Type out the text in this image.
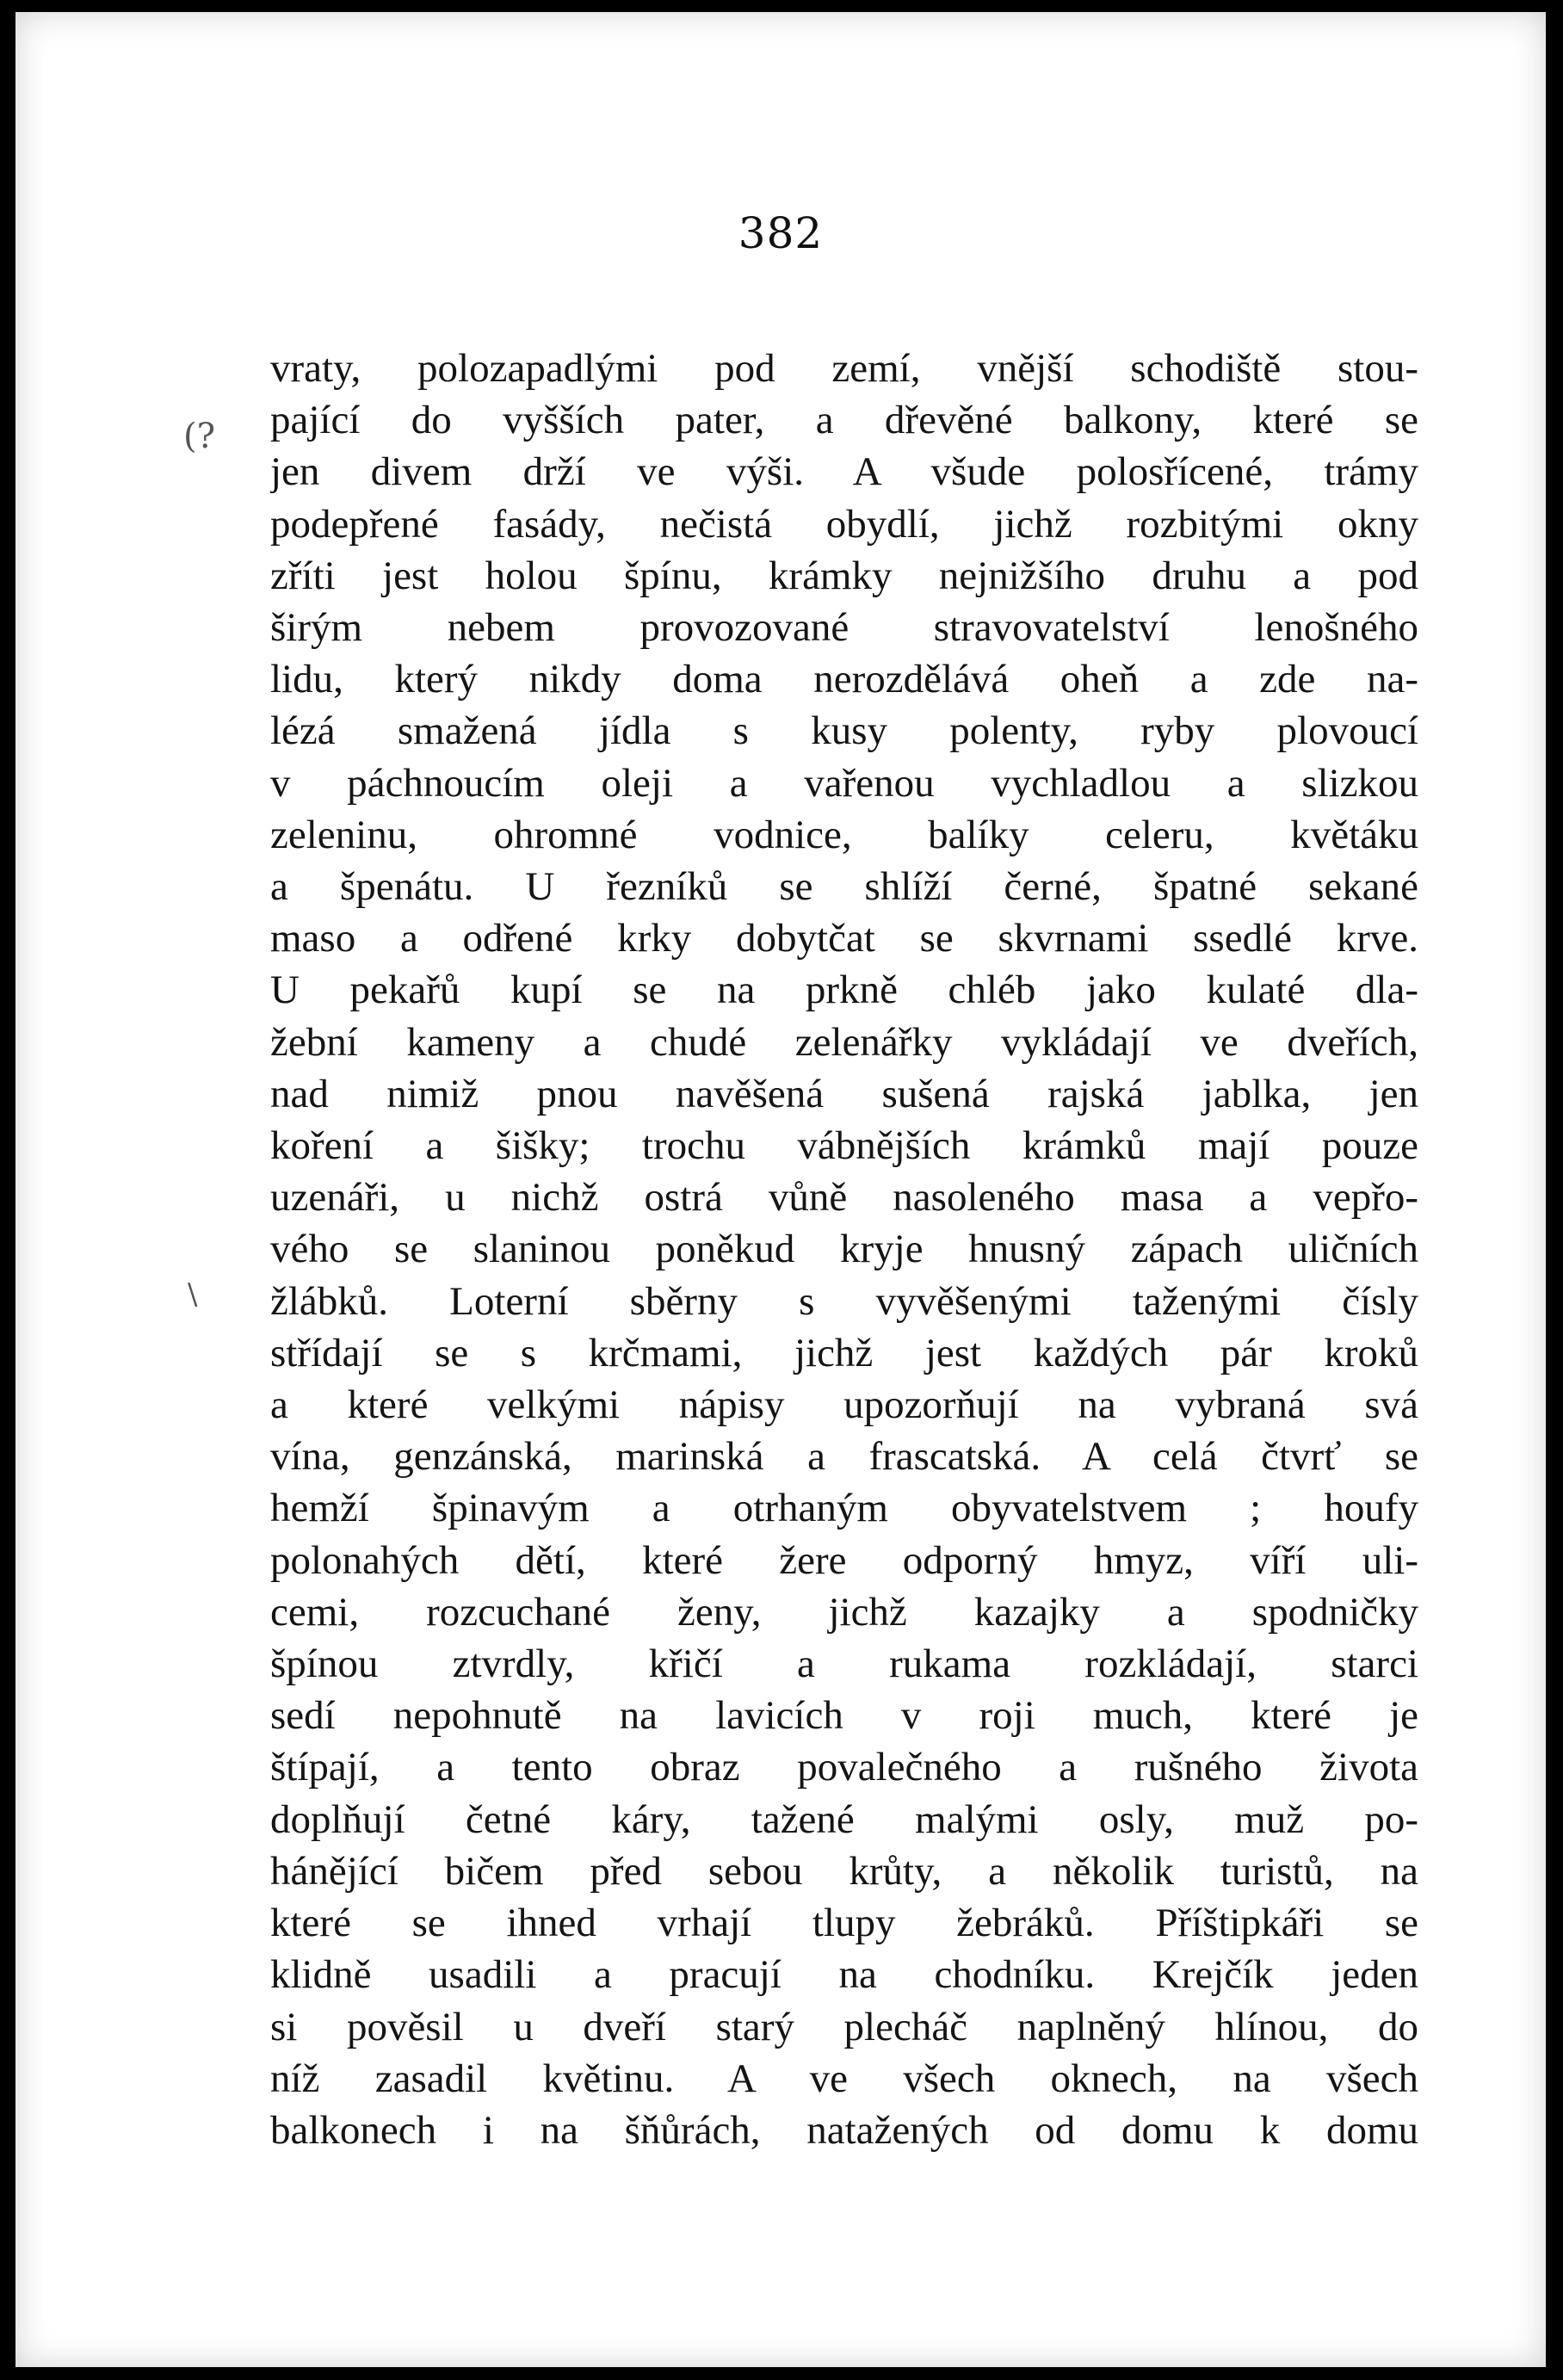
382
(?
\
vraty, polozapadlými pod zemí, vnější schodiště stou-
pající do vyšších pater, a dřevěné balkony, které se
jen divem drží ve výši. A všude polosřícené, trámy
podepřené fasády, nečistá obydlí, jichž rozbitými okny
zříti jest holou špínu, krámky nejnižšího druhu a pod
širým nebem provozované stravovatelství lenošného
lidu, který nikdy doma nerozdělává oheň a zde na-
lézá smažená jídla s kusy polenty, ryby plovoucí
v páchnoucím oleji a vařenou vychladlou a slizkou
zeleninu, ohromné vodnice, balíky celeru, květáku
a špenátu. U řezníků se shlíží černé, špatné sekané
maso a odřené krky dobytčat se skvrnami ssedlé krve.
U pekařů kupí se na prkně chléb jako kulaté dla-
žební kameny a chudé zelenářky vykládají ve dveřích,
nad nimiž pnou navěšená sušená rajská jablka, jen
koření a šišky; trochu vábnějších krámků mají pouze
uzenáři, u nichž ostrá vůně nasoleného masa a vepřo-
vého se slaninou poněkud kryje hnusný zápach uličních
žlábků. Loterní sběrny s vyvěšenými taženými čísly
střídají se s krčmami, jichž jest každých pár kroků
a které velkými nápisy upozorňují na vybraná svá
vína, genzánská, marinská a frascatská. A celá čtvrť se
hemží špinavým a otrhaným obyvatelstvem ; houfy
polonahých dětí, které žere odporný hmyz, víří uli-
cemi, rozcuchané ženy, jichž kazajky a spodničky
špínou ztvrdly, křičí a rukama rozkládají, starci
sedí nepohnutě na lavicích v roji much, které je
štípají, a tento obraz povalečného a rušného života
doplňují četné káry, tažené malými osly, muž po-
hánějící bičem před sebou krůty, a několik turistů, na
které se ihned vrhají tlupy žebráků. Příštipkáři se
klidně usadili a pracují na chodníku. Krejčík jeden
si pověsil u dveří starý plecháč naplněný hlínou, do
níž zasadil květinu. A ve všech oknech, na všech
balkonech i na šňůrách, natažených od domu k domu
